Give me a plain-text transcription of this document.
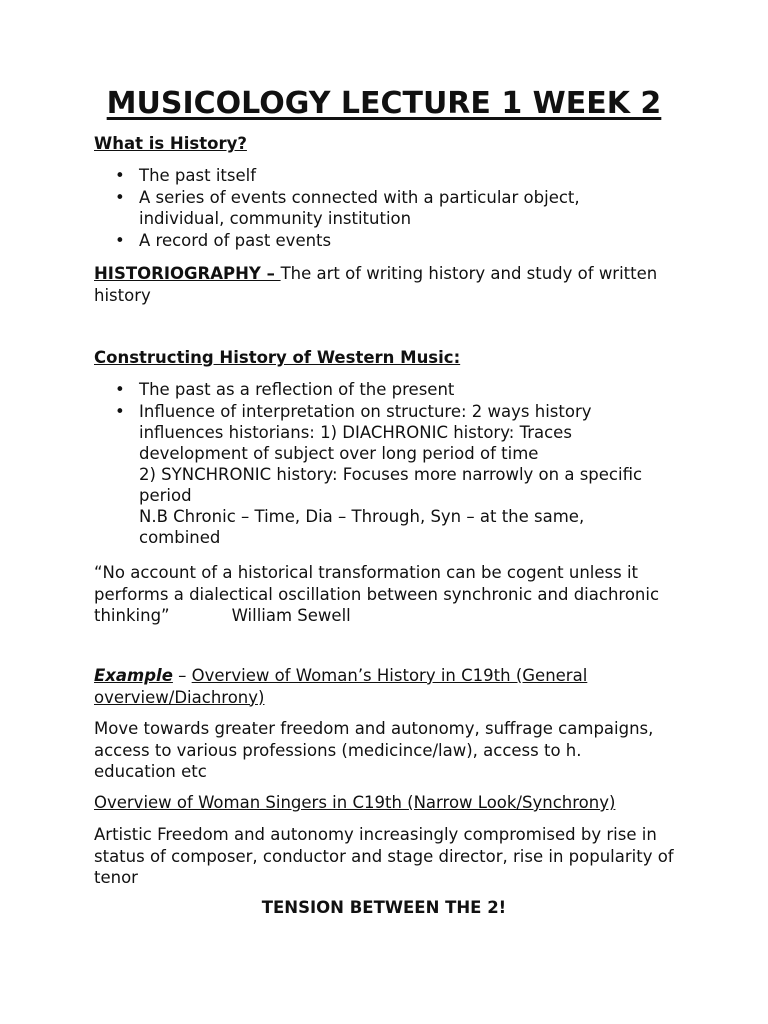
MUSICOLOGY LECTURE 1 WEEK 2

What is History?

• The past itself
• A series of events connected with a particular object, individual, community institution
• A record of past events

HISTORIOGRAPHY – The art of writing history and study of written history

Constructing History of Western Music:

• The past as a reflection of the present
• Influence of interpretation on structure: 2 ways history influences historians: 1) DIACHRONIC history: Traces development of subject over long period of time
2) SYNCHRONIC history: Focuses more narrowly on a specific period
N.B Chronic – Time, Dia – Through, Syn – at the same, combined

“No account of a historical transformation can be cogent unless it performs a dialectical oscillation between synchronic and diachronic thinking”	William Sewell

Example – Overview of Woman’s History in C19th (General overview/Diachrony)

Move towards greater freedom and autonomy, suffrage campaigns, access to various professions (medicince/law), access to h. education etc

Overview of Woman Singers in C19th (Narrow Look/Synchrony)

Artistic Freedom and autonomy increasingly compromised by rise in status of composer, conductor and stage director, rise in popularity of tenor

TENSION BETWEEN THE 2!
